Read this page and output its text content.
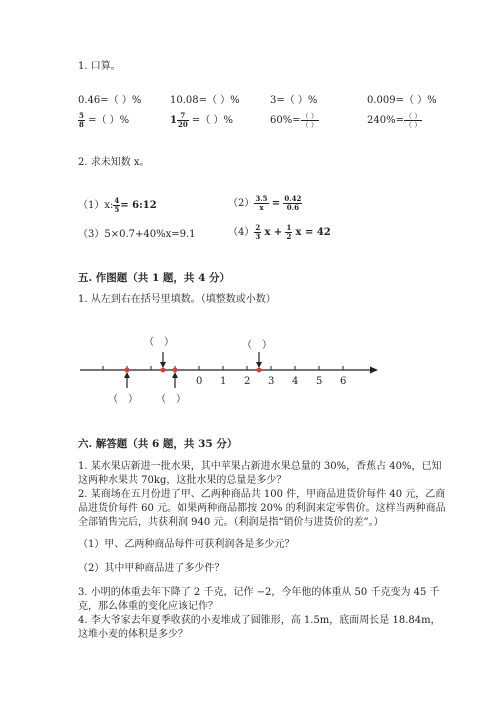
1. 口算。
0.46=（ ）%	10.08=（ ）%	3=（ ）%	0.009=（ ）%
$\frac{5}{8}$ =（ ）%	$1 \frac{7}{20}$ =（ ）%	$60\%= \frac{( )}{( )}$	$240\%= \frac{( )}{( )}$
2. 求未知数 x。
（1）x: $\frac{4}{5}$ = 6:12	$(2) \frac{3.5}{x} = \frac{0.42}{0.6}$
（3）5×0.7+40%x=9.1	$(4) \frac{2}{3}$ $x + \frac{1}{2}$ x = 42
五. 作图题（共 1 题，共 4 分）
1. 从左到右在括号里填数。（填整数或小数）
0 1 2 3 4 5 6
（　）	（　）
（　） （　）
六. 解答题（共 6 题，共 35 分）
1. 某水果店新进一批水果，其中苹果占新进水果总量的 30%，香蕉占 40%，已知这两种水果共 70kg，这批水果的总量是多少？
2. 某商场在五月份进了甲、乙两种商品共 100 件，甲商品进货价每件 40 元，乙商品进货价每件 60 元。如果两种商品都按 20% 的利润来定零售价。这样当两种商品全部销售完后，共获利润 940 元。（利润是指“销价与进货价的差”。）
（1）甲、乙两种商品每件可获利润各是多少元？
（2）其中甲种商品进了多少件？
3. 小明的体重去年下降了 2 千克，记作 −2，今年他的体重从 50 千克变为 45 千克，那么体重的变化应该记作？
4. 李大爷家去年夏季收获的小麦堆成了圆锥形，高 1.5m，底面周长是 18.84m，这堆小麦的体积是多少？
